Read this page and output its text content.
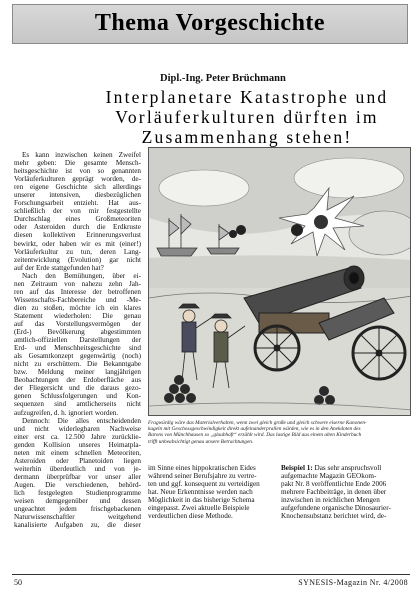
Thema Vorgeschichte
Dipl.-Ing. Peter Brüchmann
Interplanetare Katastrophe und
Vorläuferkulturen dürften im
Zusammenhang stehen!
Es kann inzwischen keinen Zweifel
mehr geben: Die gesamte Mensch-
heitsgeschichte ist von so genannten
Vorläuferkulturen geprägt worden, de-
ren eigene Geschichte sich allerdings
unserer intensiven, diesbezüglichen
Forschungsarbeit entzieht. Hat aus-
schließlich der von mir festgestellte
Durchschlag eines Großmeteoriten
oder Asteroiden durch die Erdkruste
diesen kollektiven Erinnerungsverlust
bewirkt, oder haben wir es mit (einer!)
Vorläuferkultur zu tun, deren Lang-
zeitentwicklung (Evolution) gar nicht
auf der Erde stattgefunden hat?
Nach den Bemühungen, über ei-
nen Zeitraum von nahezu zehn Jah-
ren auf das Interesse der betroffenen
Wissenschafts-Fachbereiche und -Me-
dien zu stoßen, möchte ich ein klares
Statement wiederholen: Die genau
auf das Vorstellungsvermögen der
(Erd-) Bevölkerung abgestimmten
amtlich-offiziellen Darstellungen der
Erd- und Menschheitsgeschichte sind
als Gesamtkonzept gegenwärtig (noch)
nicht zu erschüttern. Die Bekanntgabe
bzw. Meldung meiner langjährigen
Beobachtungen der Erdoberfläche aus
der Fliegersicht und die daraus gezo-
genen Schlussfolgerungen und Kon-
sequenzen sind amtlicherseits nicht
aufzugreifen, d. h. ignoriert worden.
Dennoch: Die alles entscheidenden
und nicht widerlegbaren Nachweise
einer erst ca. 12.500 Jahre zurücklie-
genden Kollision unseres Heimatpla-
neten mit einem schnellen Meteoriten,
Asteroiden oder Planetoiden liegen
weiterhin überdeutlich und von je-
dermann überprüfbar vor unser aller
Augen. Die verschiedenen, behörd-
lich festgelegten Studienprogramme
weisen demgegenüber und dessen
ungeachtet jedem frischgebackenen
Naturwissenschaftler weitgehend
kanalisierte Aufgaben zu, die dieser
Fragwürdig wäre das Materialverhalten, wenn zwei gleich große und gleich schwere eiserne Kanonen-
kugeln mit Geschossgeschwindigkeit direkt aufeinanderprallen würden, wie es in den Anekdoten des
Barons von Münchhausen so „glaubhaft“ erzählt wird. Das lustige Bild aus einem alten Kinderbuch
trifft unbeabsichtigt genau unsere Betrachtungen.
im Sinne eines hippokratischen Eides
während seiner Berufsjahre zu vertre-
ten und ggf. konsequent zu verteidigen
hat. Neue Erkenntnisse werden nach
Möglichkeit in das bisherige Schema
eingepasst. Zwei aktuelle Beispiele
verdeutlichen diese Methode.
Beispiel 1: Das sehr anspruchsvoll
aufgemachte Magazin GEOkom-
pakt Nr. 8 veröffentlichte Ende 2006
mehrere Fachbeiträge, in denen über
inzwischen in reichlichen Mengen
aufgefundene organische Dinosaurier-
Knochensubstanz berichtet wird, de-
50	SYNESIS-Magazin Nr. 4/2008
